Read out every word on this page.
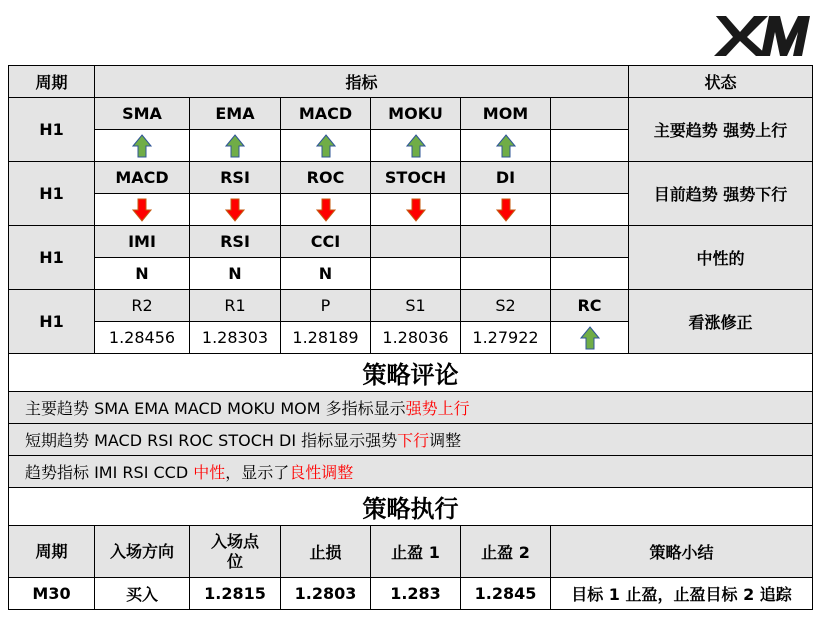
周期	指标						状态
H1	SMA	EMA	MACD	MOKU	MOM		主要趋势 强势上行

H1	MACD	RSI	ROC	STOCH	DI		目前趋势 强势下行

H1	IMI	RSI	CCI				中性的
	N	N	N				
H1	R2	R1	P	S1	S2	RC	看涨修正
	1.28456	1.28303	1.28189	1.28036	1.27922	

策略评论							
主要趋势 SMA EMA MACD MOKU MOM 多指标显示强势上行							
短期趋势 MACD RSI ROC STOCH DI 指标显示强势下行调整							
趋势指标 IMI RSI CCD 中性，显示了良性调整							
策略执行							
周期	入场方向	入场点位	止损	止盈 1	止盈 2	策略小结	
M30	买入	1.2815	1.2803	1.283	1.2845	目标 1 止盈，止盈目标 2 追踪	
